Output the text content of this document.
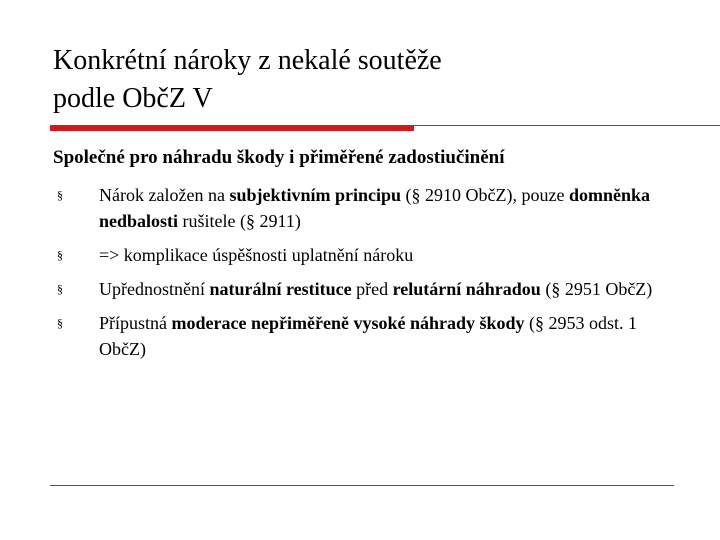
Konkrétní nároky z nekalé soutěže
podle ObčZ V
Společné pro náhradu škody i přiměřené zadostiučinění
§ Nárok založen na subjektivním principu (§ 2910 ObčZ), pouze domněnka nedbalosti rušitele (§ 2911)
§ => komplikace úspěšnosti uplatnění nároku
§ Upřednostnění naturální restituce před relutární náhradou (§ 2951 ObčZ)
§ Přípustná moderace nepřiměřeně vysoké náhrady škody (§ 2953 odst. 1 ObčZ)
